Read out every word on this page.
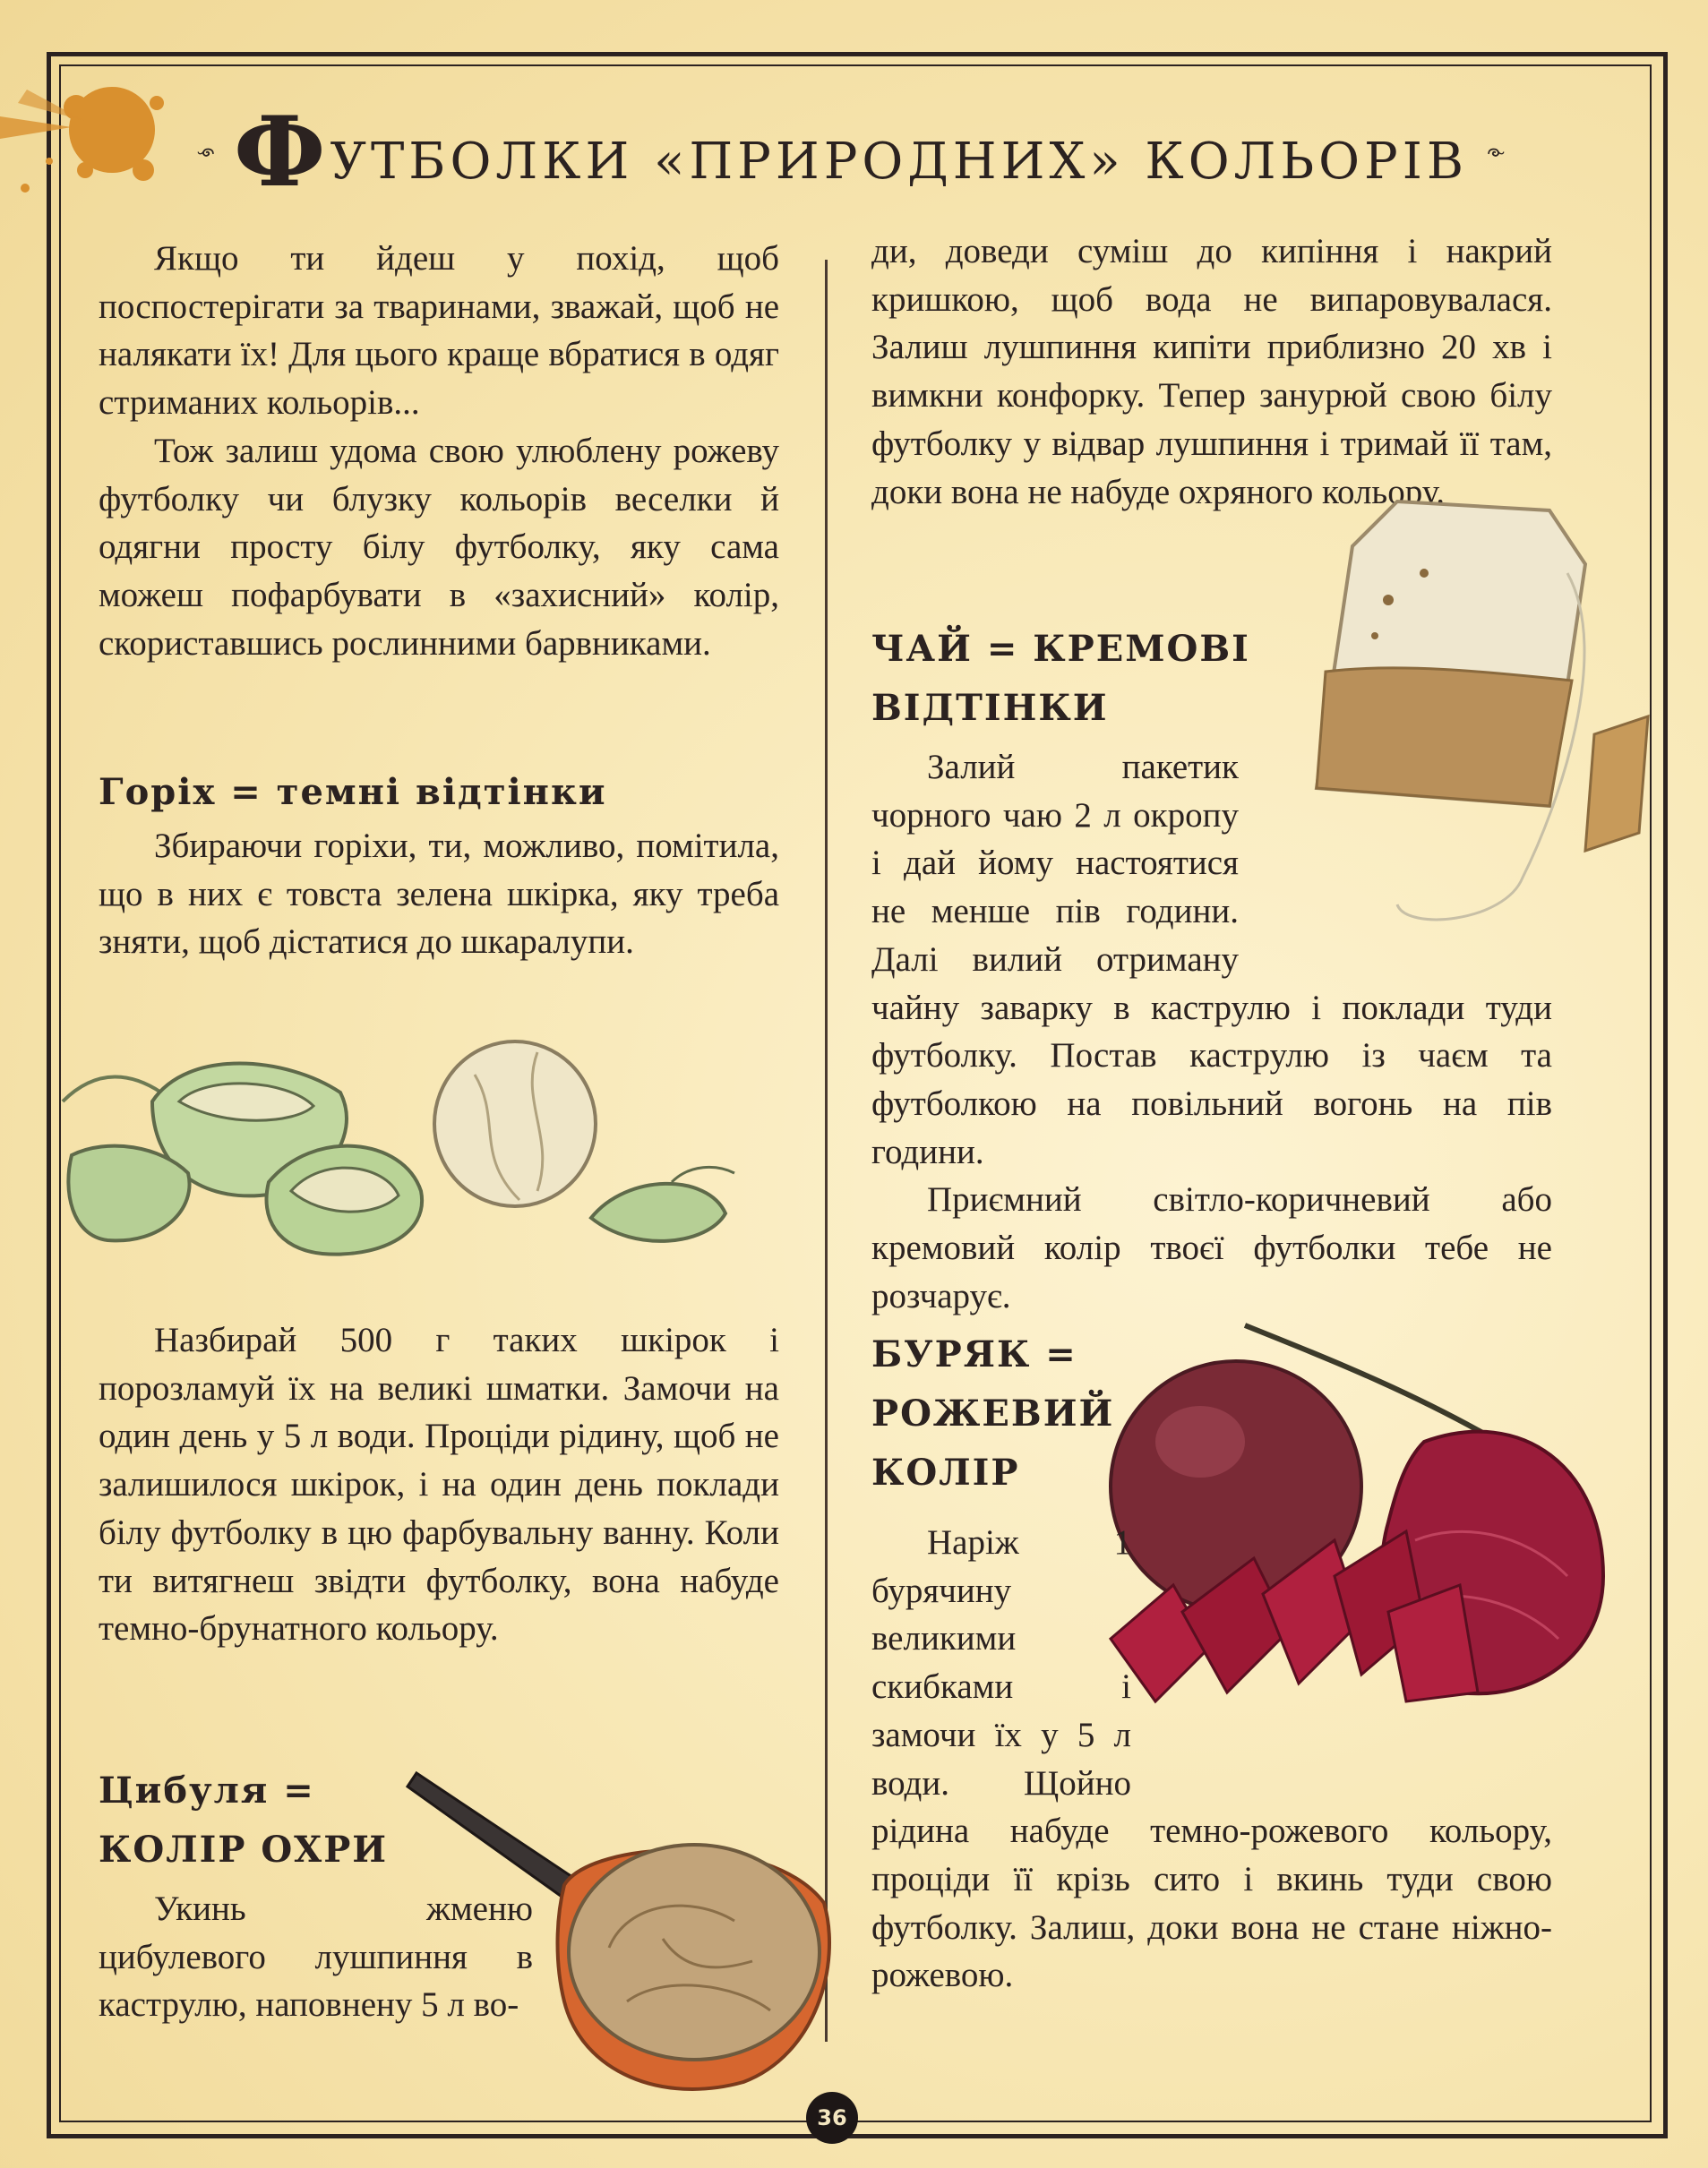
ФУТБОЛКИ «ПРИРОДНИХ» КОЛЬОРІВ

Якщо ти йдеш у похід, щоб поспостерігати за тваринами, зважай, щоб не налякати їх! Для цього краще вбратися в одяг стриманих кольорів...

Тож залиш удома свою улюблену рожеву футболку чи блузку кольорів веселки й одягни просту білу футболку, яку сама можеш пофарбувати в «захисний» колір, скориставшись рослинними барвниками.

Горіх = темні відтінки

Збираючи горіхи, ти, можливо, помітила, що в них є товста зелена шкірка, яку треба зняти, щоб дістатися до шкаралупи.

Назбирай 500 г таких шкірок і порозламуй їх на великі шматки. Замочи на один день у 5 л води. Процiди рiдину, щоб не залишилося шкірок, і на один день поклади білу футболку в цю фарбувальну ванну. Коли ти витягнеш звідти футболку, вона набуде темно-брунатного кольору.

Цибуля =
КОЛІР ОХРИ

Укинь жменю цибулевого лушпиння в каструлю, наповнену 5 л во-

ди, доведи суміш до кипіння і накрий кришкою, щоб вода не випаровувалася. Залиш лушпиння кипіти приблизно 20 хв і вимкни конфорку. Тепер занурюй свою білу футболку у відвар лушпиння і тримай її там, доки вона не набуде охряного кольору.

ЧАЙ = КРЕМОВІ
ВІДТІНКИ

Залий пакетик чорного чаю 2 л окропу і дай йому настоятися не менше пів години. Далі вилий отриману чайну заварку в каструлю і поклади туди футболку. Постав каструлю із чаєм та футболкою на повільний вогонь на пів години.

Приємний світло-коричневий або кремовий колір твоєї футболки тебе не розчарує.

БУРЯК =
РОЖЕВИЙ
КОЛІР

Наріж 1 бурячину великими скибками і замочи їх у 5 л води. Щойно рідина набуде темно-рожевого кольору, процiди її крізь сито і вкинь туди свою футболку. Залиш, доки вона не стане ніжно-рожевою.

36
